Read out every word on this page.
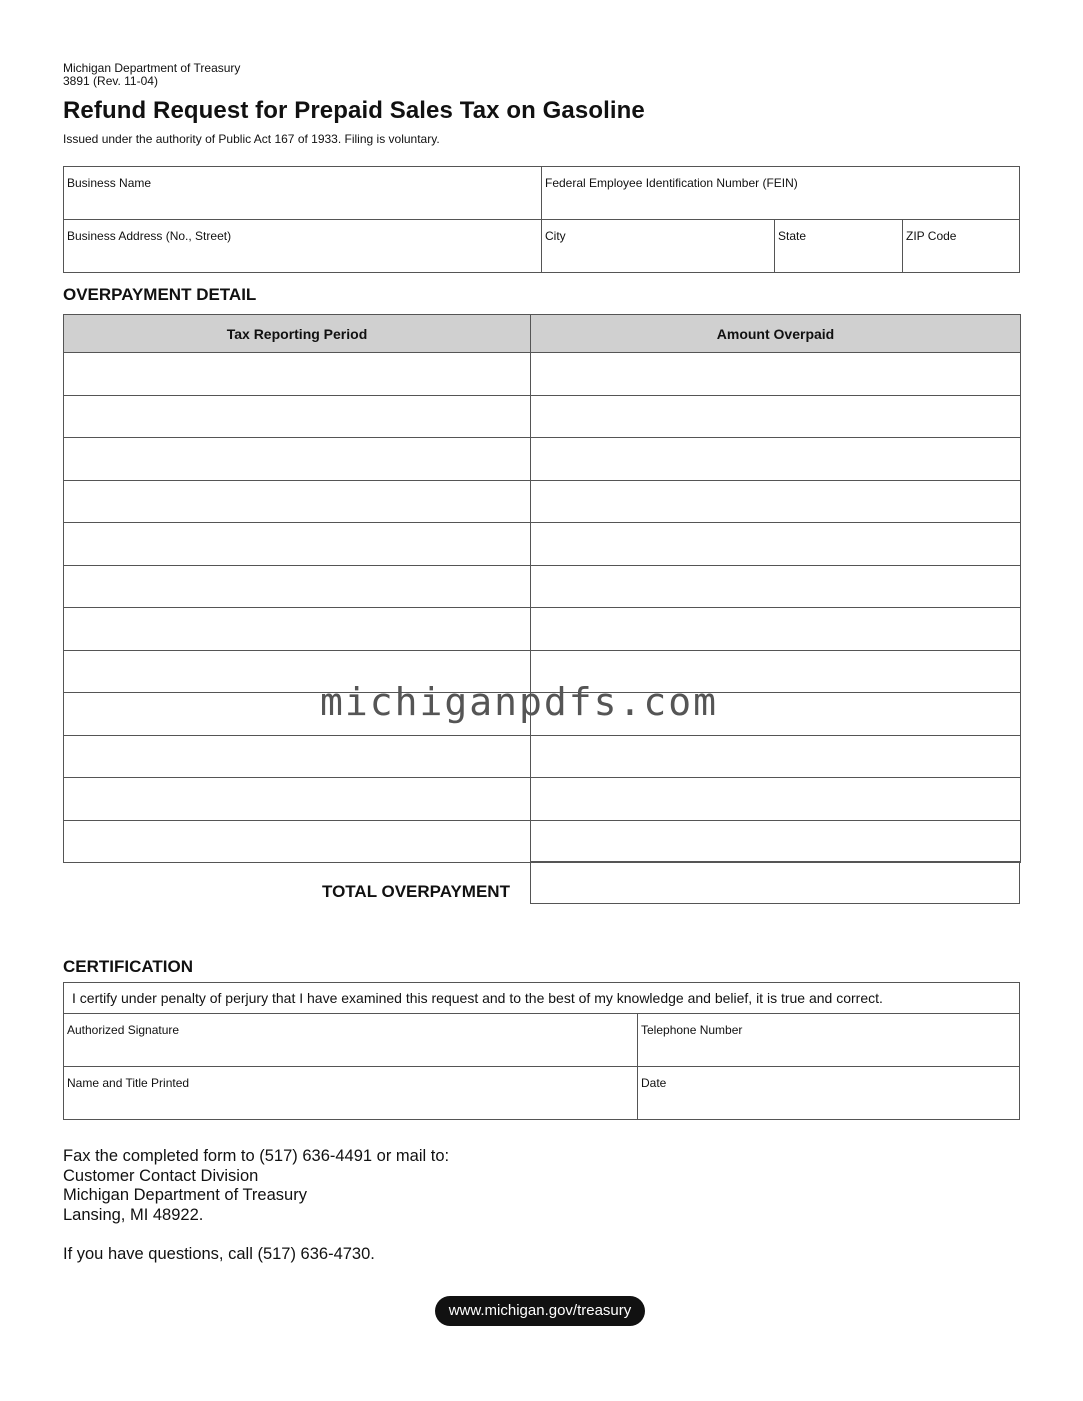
Michigan Department of Treasury
3891 (Rev. 11-04)
Refund Request for Prepaid Sales Tax on Gasoline
Issued under the authority of Public Act 167 of 1933. Filing is voluntary.
Business Name	Federal Employee Identification Number (FEIN)
Business Address (No., Street)	City	State	ZIP Code
OVERPAYMENT DETAIL
Tax Reporting Period	Amount Overpaid

TOTAL OVERPAYMENT
michiganpdfs.com
CERTIFICATION
I certify under penalty of perjury that I have examined this request and to the best of my knowledge and belief, it is true and correct.
Authorized Signature	Telephone Number
Name and Title Printed	Date
Fax the completed form to (517) 636-4491 or mail to:
Customer Contact Division
Michigan Department of Treasury
Lansing, MI 48922.
If you have questions, call (517) 636-4730.
www.michigan.gov/treasury
